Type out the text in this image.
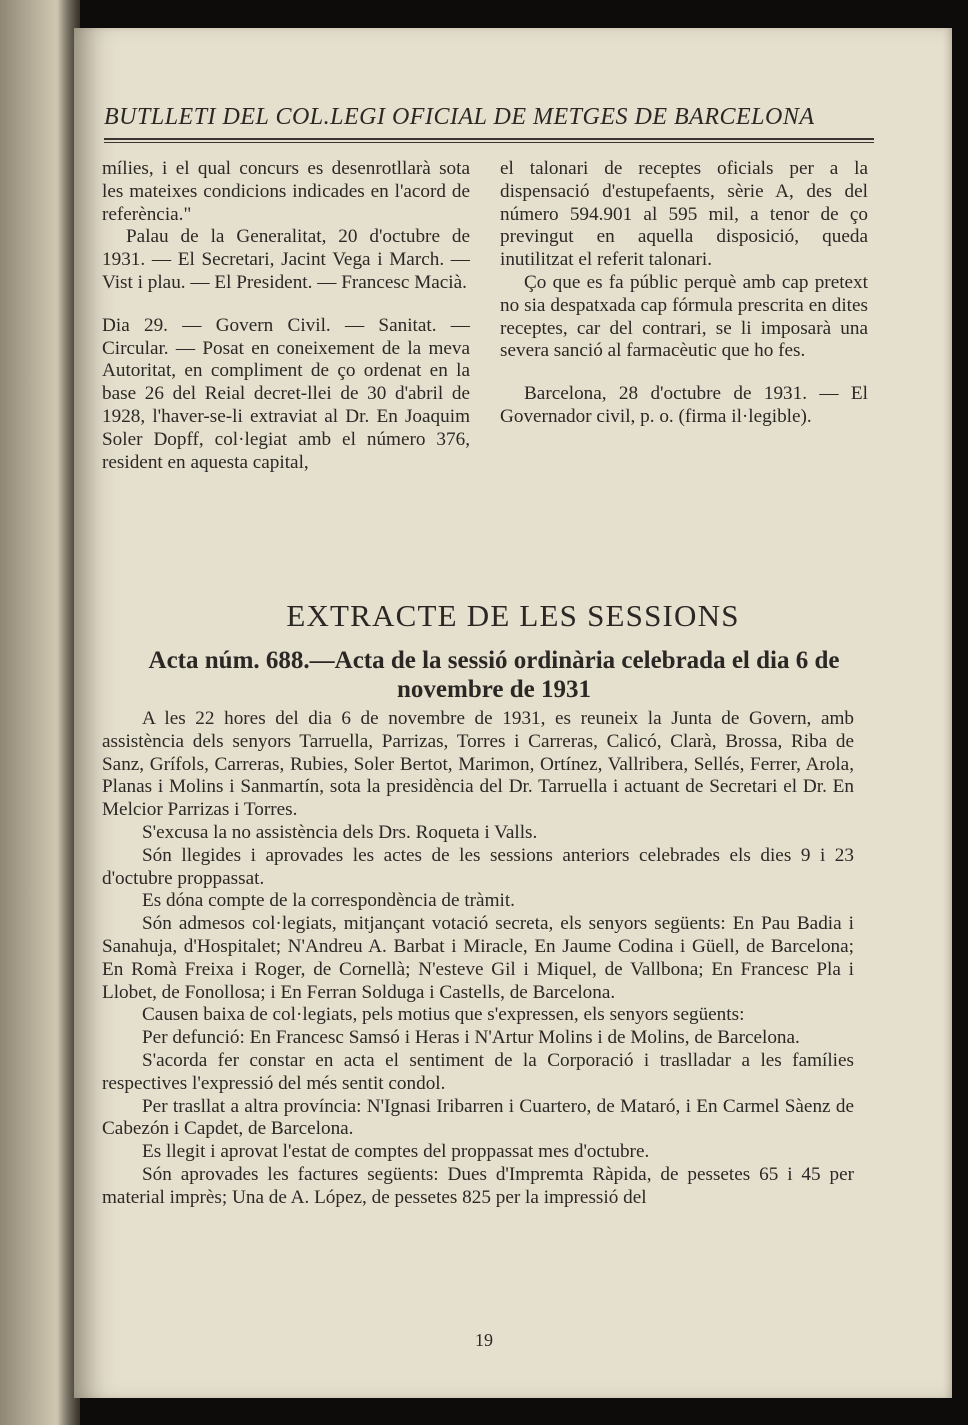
BUTLLETI DEL COL.LEGI OFICIAL DE METGES DE BARCELONA

mílies, i el qual concurs es desenrotllarà sota les mateixes condicions indicades en l'acord de referència."

Palau de la Generalitat, 20 d'octubre de 1931. — El Secretari, Jacint Vega i March. — Vist i plau. — El President. — Francesc Macià.

Dia 29. — Govern Civil. — Sanitat. — Circular. — Posat en coneixement de la meva Autoritat, en compliment de ço ordenat en la base 26 del Reial decret-llei de 30 d'abril de 1928, l'haver-se-li extraviat al Dr. En Joaquim Soler Dopff, col·legiat amb el número 376, resident en aquesta capital,

el talonari de receptes oficials per a la dispensació d'estupefaents, sèrie A, des del número 594.901 al 595 mil, a tenor de ço previngut en aquella disposició, queda inutilitzat el referit talonari.

Ço que es fa públic perquè amb cap pretext no sia despatxada cap fórmula prescrita en dites receptes, car del contrari, se li imposarà una severa sanció al farmacèutic que ho fes.

Barcelona, 28 d'octubre de 1931. — El Governador civil, p. o. (firma il·legible).

EXTRACTE DE LES SESSIONS
Acta núm. 688.—Acta de la sessió ordinària celebrada el dia 6 de novembre de 1931

A les 22 hores del dia 6 de novembre de 1931, es reuneix la Junta de Govern, amb assistència dels senyors Tarruella, Parrizas, Torres i Carreras, Calicó, Clarà, Brossa, Riba de Sanz, Grífols, Carreras, Rubies, Soler Bertot, Marimon, Ortínez, Vallribera, Sellés, Ferrer, Arola, Planas i Molins i Sanmartín, sota la presidència del Dr. Tarruella i actuant de Secretari el Dr. En Melcior Parrizas i Torres.

S'excusa la no assistència dels Drs. Roqueta i Valls.

Són llegides i aprovades les actes de les sessions anteriors celebrades els dies 9 i 23 d'octubre proppassat.

Es dóna compte de la correspondència de tràmit.

Són admesos col·legiats, mitjançant votació secreta, els senyors següents: En Pau Badia i Sanahuja, d'Hospitalet; N'Andreu A. Barbat i Miracle, En Jaume Codina i Güell, de Barcelona; En Romà Freixa i Roger, de Cornellà; N'esteve Gil i Miquel, de Vallbona; En Francesc Pla i Llobet, de Fonollosa; i En Ferran Solduga i Castells, de Barcelona.

Causen baixa de col·legiats, pels motius que s'expressen, els senyors següents:

Per defunció: En Francesc Samsó i Heras i N'Artur Molins i de Molins, de Barcelona.

S'acorda fer constar en acta el sentiment de la Corporació i traslladar a les famílies respectives l'expressió del més sentit condol.

Per trasllat a altra província: N'Ignasi Iribarren i Cuartero, de Mataró, i En Carmel Sàenz de Cabezón i Capdet, de Barcelona.

Es llegit i aprovat l'estat de comptes del proppassat mes d'octubre.

Són aprovades les factures següents: Dues d'Impremta Ràpida, de pessetes 65 i 45 per material imprès; Una de A. López, de pessetes 825 per la impressió del

19
